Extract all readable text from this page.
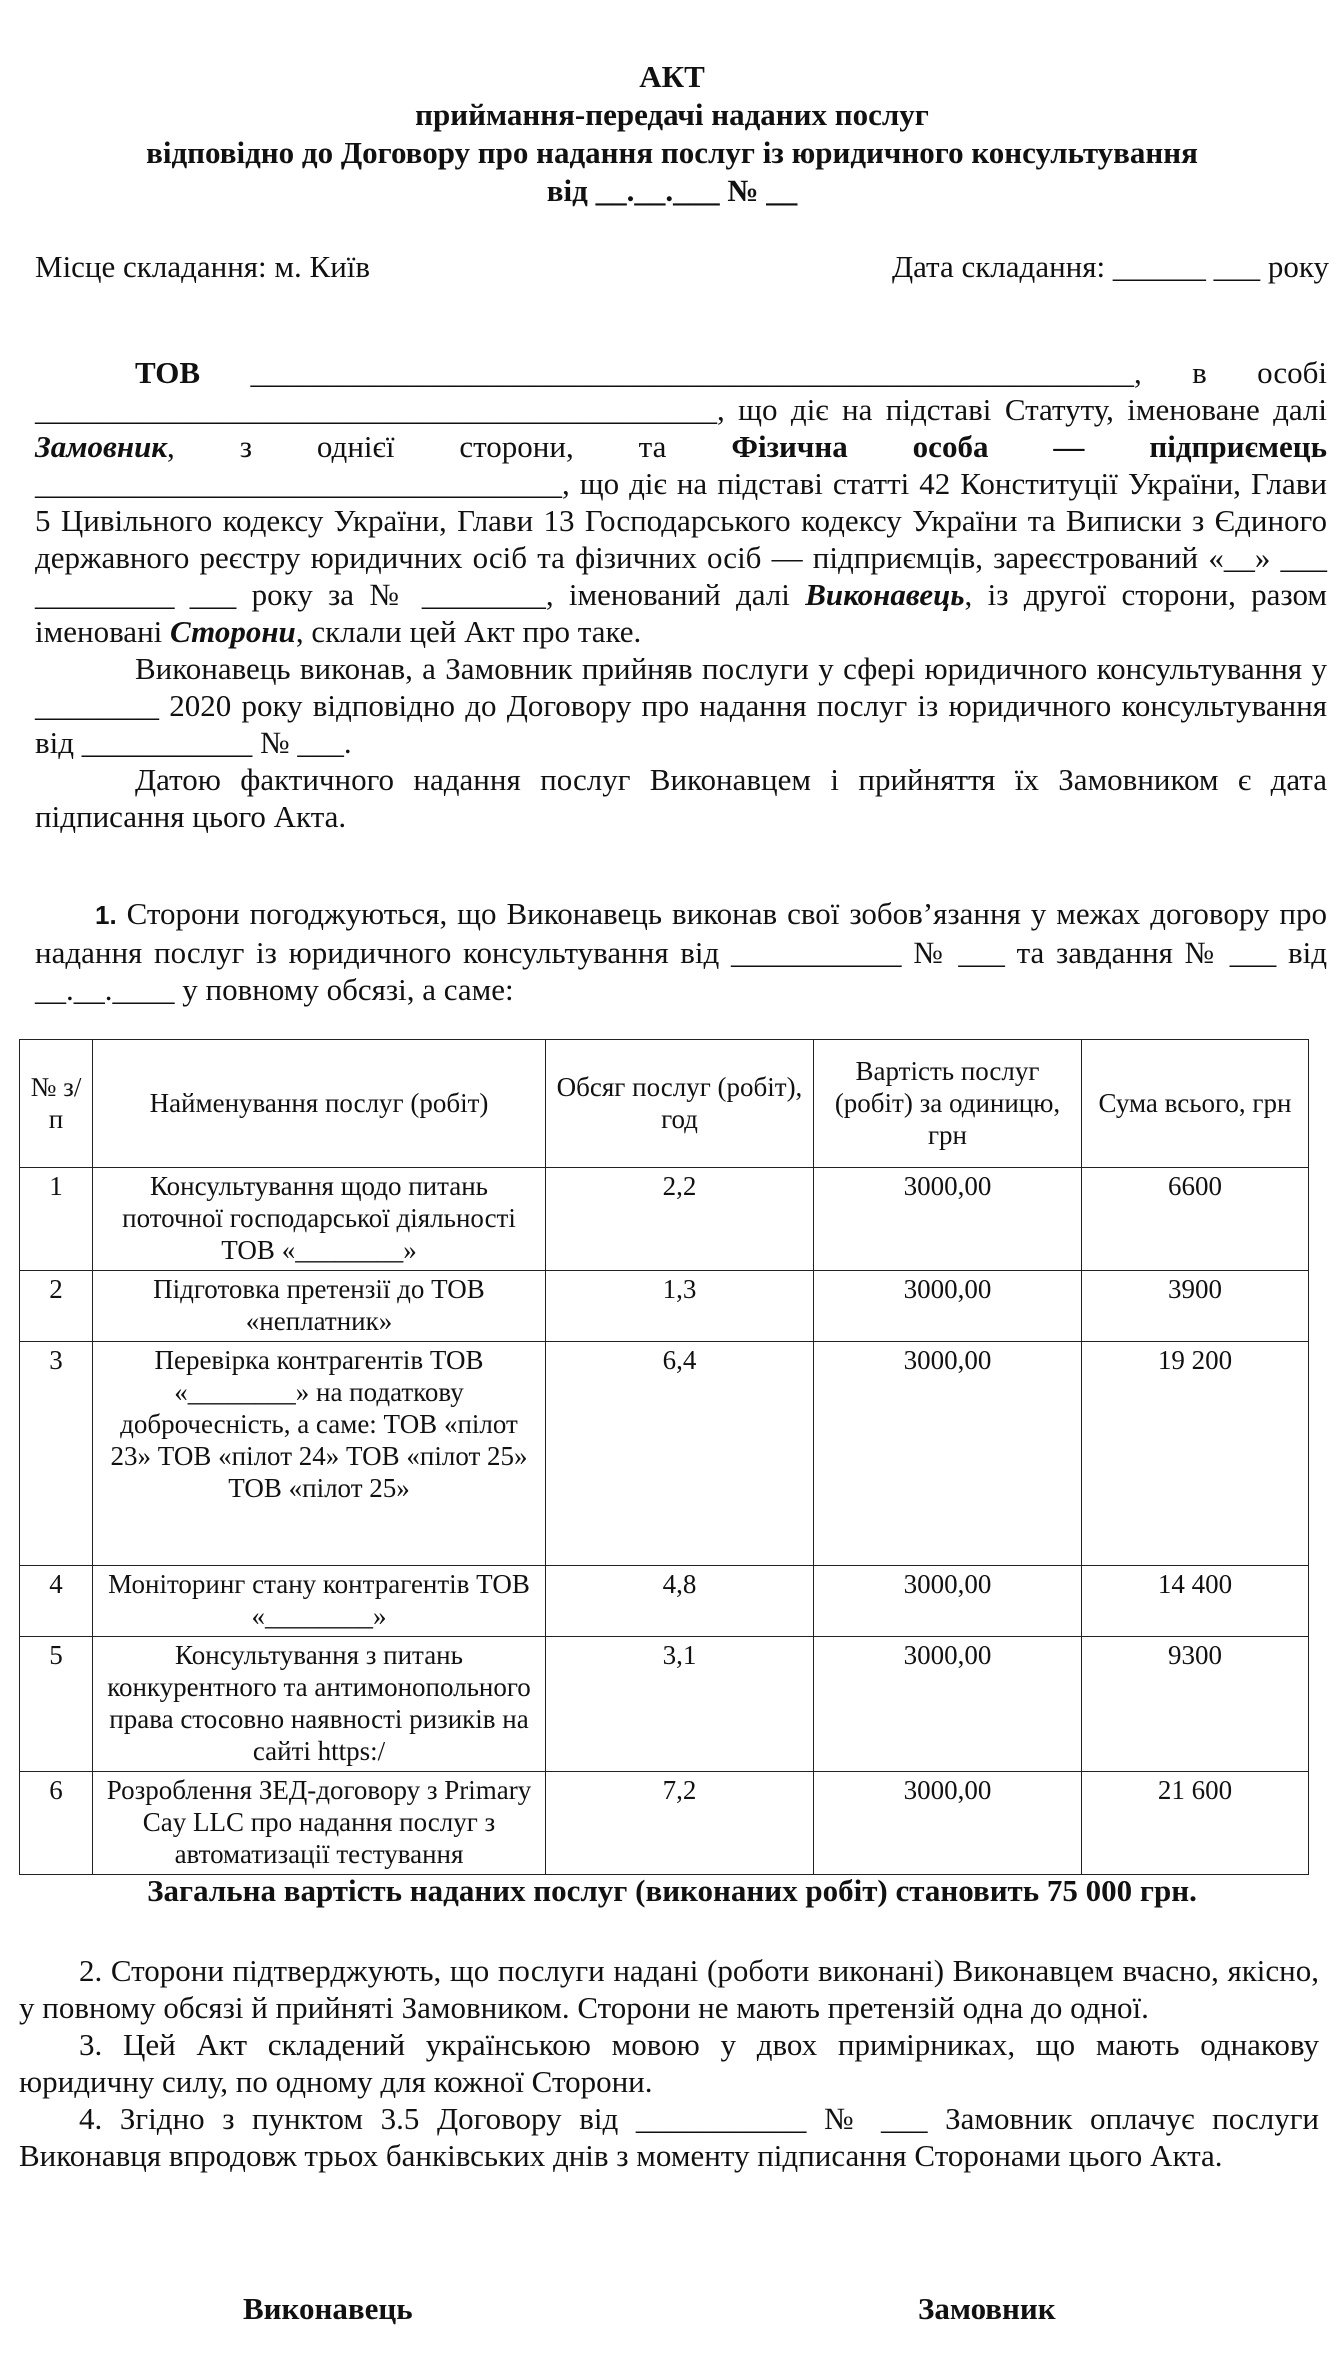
АКТ
приймання-передачі наданих послуг
відповідно до Договору про надання послуг із юридичного консультування
від __.__.___ № __
Місце складання: м. Київ	Дата складання: ______ ___ року

ТОВ _________________________________________________________, в особі ____________________________________________, що діє на підставі Статуту, іменоване далі Замовник, з однієї сторони, та Фізична особа — підприємець __________________________________, що діє на підставі статті 42 Конституції України, Глави 5 Цивільного кодексу України, Глави 13 Господарського кодексу України та Виписки з Єдиного державного реєстру юридичних осіб та фізичних осіб — підприємців, зареєстрований «__» ___ _________ ___ року за № ________, іменований далі Виконавець, із другої сторони, разом іменовані Сторони, склали цей Акт про таке.

Виконавець виконав, а Замовник прийняв послуги у сфері юридичного консультування у ________ 2020 року відповідно до Договору про надання послуг із юридичного консультування від ___________ № ___.

Датою фактичного надання послуг Виконавцем і прийняття їх Замовником є дата підписання цього Акта.

1. Сторони погоджуються, що Виконавець виконав свої зобов’язання у межах договору про надання послуг із юридичного консультування від ___________ № ___ та завдання № ___ від __.__.____ у повному обсязі, а саме:

№ з/п	Найменування послуг (робіт)	Обсяг послуг (робіт), год	Вартість послуг (робіт) за одиницю, грн	Сума всього, грн
1	Консультування щодо питань поточної господарської діяльності ТОВ «________»	2,2	3000,00	6600
2	Підготовка претензії до ТОВ «неплатник»	1,3	3000,00	3900
3	Перевірка контрагентів ТОВ «________» на податкову доброчесність, а саме: ТОВ «пілот 23» ТОВ «пілот 24» ТОВ «пілот 25» ТОВ «пілот 25»	6,4	3000,00	19 200
4	Моніторинг стану контрагентів ТОВ «________»	4,8	3000,00	14 400
5	Консультування з питань конкурентного та антимонопольного права стосовно наявності ризиків на сайті https:/	3,1	3000,00	9300
6	Розроблення ЗЕД-договору з Primary Cay LLC про надання послуг з автоматизації тестування	7,2	3000,00	21 600
Загальна вартість наданих послуг (виконаних робіт) становить 75 000 грн.

2. Сторони підтверджують, що послуги надані (роботи виконані) Виконавцем вчасно, якісно, у повному обсязі й прийняті Замовником. Сторони не мають претензій одна до одної.

3. Цей Акт складений українською мовою у двох примірниках, що мають однакову юридичну силу, по одному для кожної Сторони.

4. Згідно з пунктом 3.5 Договору від ___________ № ___ Замовник оплачує послуги Виконавця впродовж трьох банківських днів з моменту підписання Сторонами цього Акта.

Виконавець	Замовник
